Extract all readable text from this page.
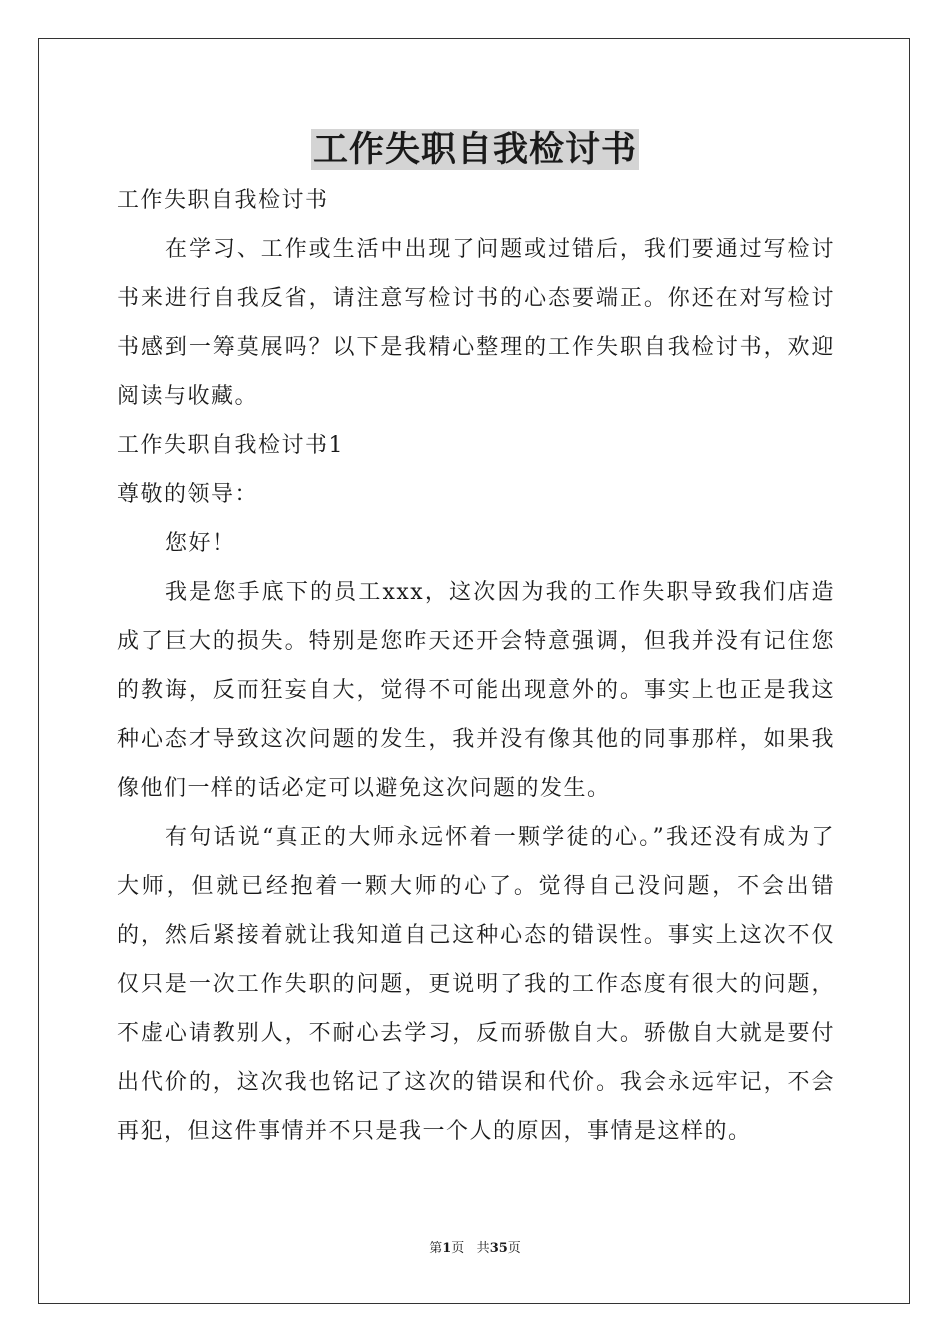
工作失职自我检讨书

工作失职自我检讨书

在学习、工作或生活中出现了问题或过错后，我们要通过写检讨书来进行自我反省，请注意写检讨书的心态要端正。你还在对写检讨书感到一筹莫展吗？以下是我精心整理的工作失职自我检讨书，欢迎阅读与收藏。

工作失职自我检讨书1

尊敬的领导：

您好！

我是您手底下的员工xxx，这次因为我的工作失职导致我们店造成了巨大的损失。特别是您昨天还开会特意强调，但我并没有记住您的教诲，反而狂妄自大，觉得不可能出现意外的。事实上也正是我这种心态才导致这次问题的发生，我并没有像其他的同事那样，如果我像他们一样的话必定可以避免这次问题的发生。

有句话说“真正的大师永远怀着一颗学徒的心。”我还没有成为了大师，但就已经抱着一颗大师的心了。觉得自己没问题，不会出错的，然后紧接着就让我知道自己这种心态的错误性。事实上这次不仅仅只是一次工作失职的问题，更说明了我的工作态度有很大的问题，不虚心请教别人，不耐心去学习，反而骄傲自大。骄傲自大就是要付出代价的，这次我也铭记了这次的错误和代价。我会永远牢记，不会再犯，但这件事情并不只是我一个人的原因，事情是这样的。

第1页 共35页
